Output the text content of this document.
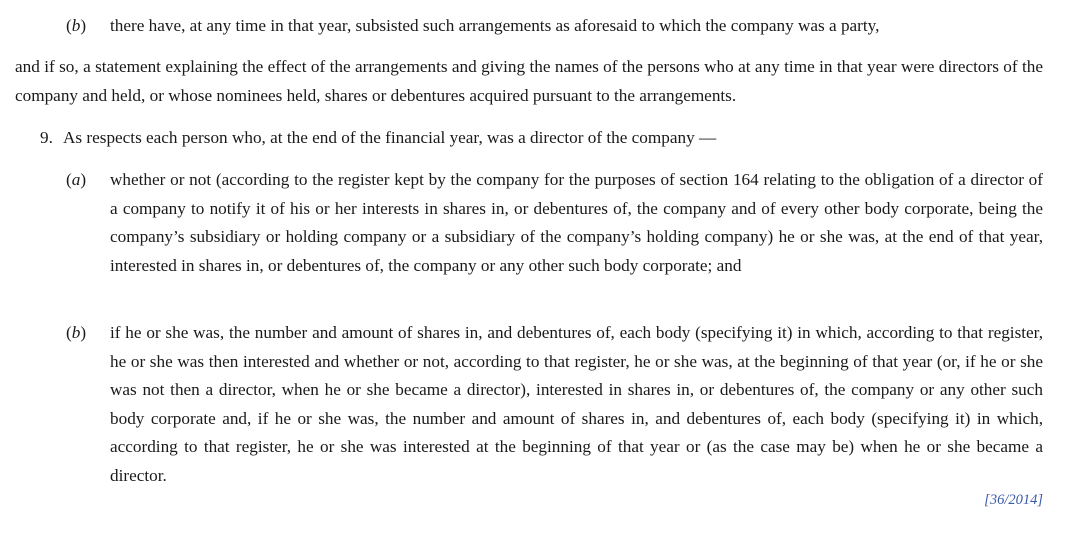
(b) there have, at any time in that year, subsisted such arrangements as aforesaid to which the company was a party,
and if so, a statement explaining the effect of the arrangements and giving the names of the persons who at any time in that year were directors of the company and held, or whose nominees held, shares or debentures acquired pursuant to the arrangements.
9. As respects each person who, at the end of the financial year, was a director of the company —
(a) whether or not (according to the register kept by the company for the purposes of section 164 relating to the obligation of a director of a company to notify it of his or her interests in shares in, or debentures of, the company and of every other body corporate, being the company’s subsidiary or holding company or a subsidiary of the company’s holding company) he or she was, at the end of that year, interested in shares in, or debentures of, the company or any other such body corporate; and
(b) if he or she was, the number and amount of shares in, and debentures of, each body (specifying it) in which, according to that register, he or she was then interested and whether or not, according to that register, he or she was, at the beginning of that year (or, if he or she was not then a director, when he or she became a director), interested in shares in, or debentures of, the company or any other such body corporate and, if he or she was, the number and amount of shares in, and debentures of, each body (specifying it) in which, according to that register, he or she was interested at the beginning of that year or (as the case may be) when he or she became a director.
[36/2014]
